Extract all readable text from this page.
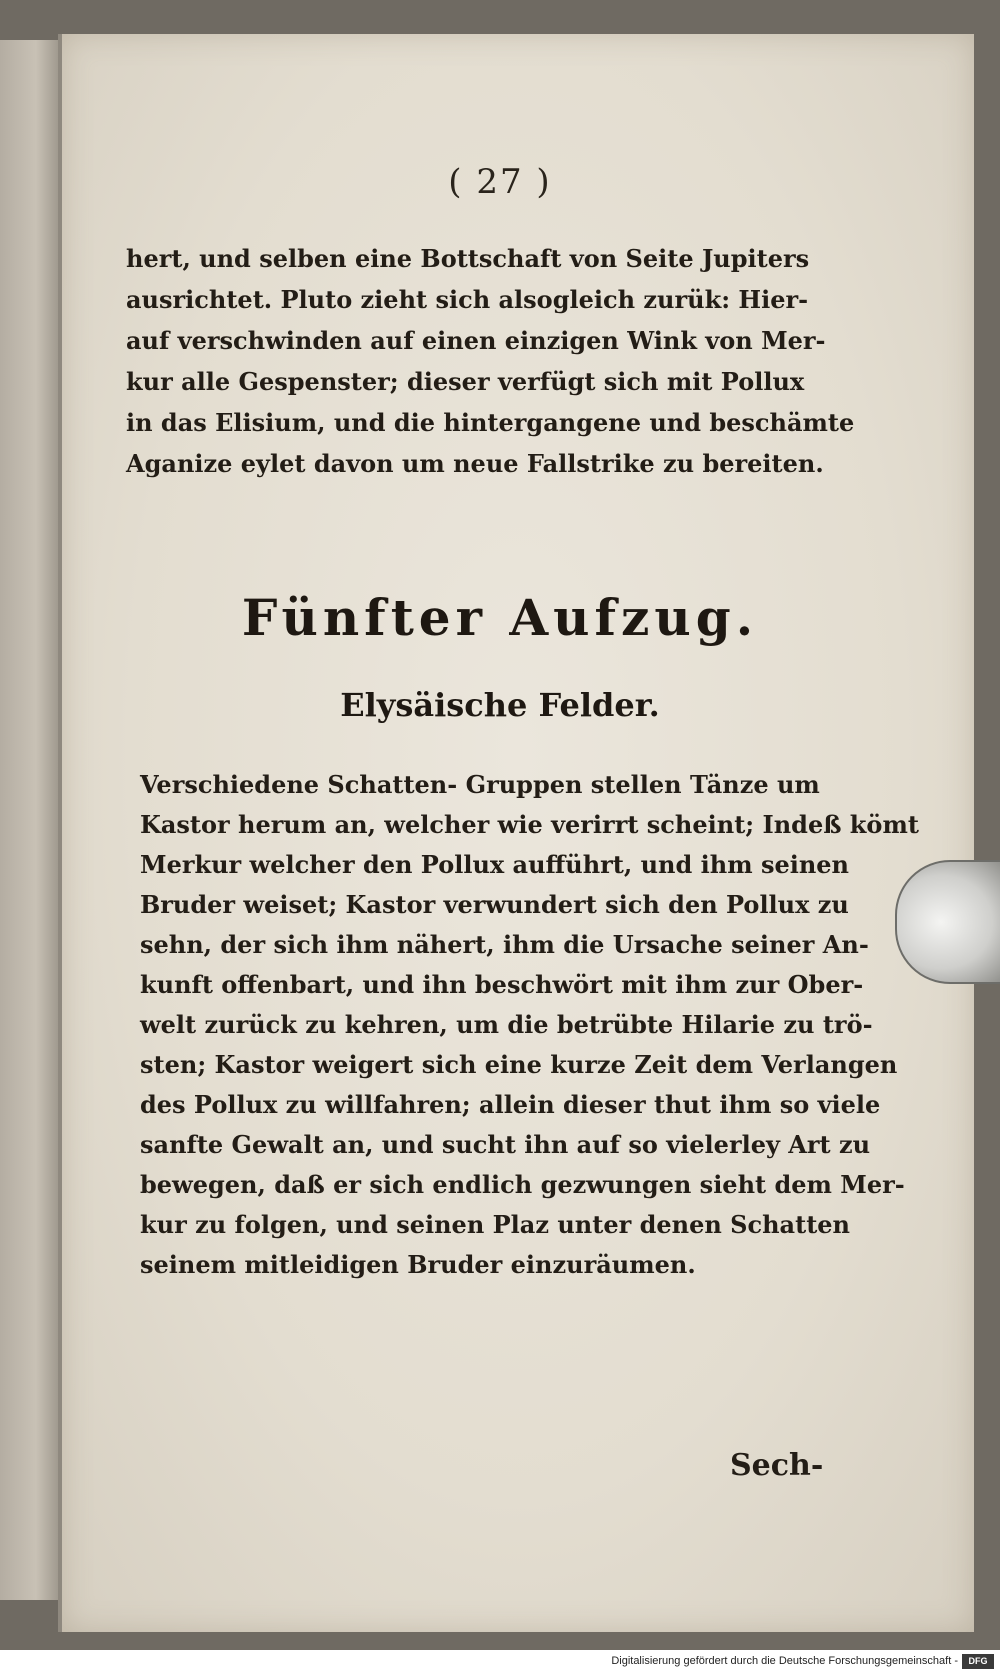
( 27 )
hert, und selben eine Bottschaft von Seite Jupiters
ausrichtet. Pluto zieht sich alsogleich zurük: Hier-
auf verschwinden auf einen einzigen Wink von Mer-
kur alle Gespenster; dieser verfügt sich mit Pollux
in das Elisium, und die hintergangene und beschämte
Aganize eylet davon um neue Fallstrike zu bereiten.
Fünfter Aufzug.
Elysäische Felder.
Verschiedene Schatten- Gruppen stellen Tänze um
Kastor herum an, welcher wie verirrt scheint; Indeß kömt
Merkur welcher den Pollux aufführt, und ihm seinen
Bruder weiset; Kastor verwundert sich den Pollux zu
sehn, der sich ihm nähert, ihm die Ursache seiner An-
kunft offenbart, und ihn beschwört mit ihm zur Ober-
welt zurück zu kehren, um die betrübte Hilarie zu trö-
sten; Kastor weigert sich eine kurze Zeit dem Verlangen
des Pollux zu willfahren; allein dieser thut ihm so viele
sanfte Gewalt an, und sucht ihn auf so vielerley Art zu
bewegen, daß er sich endlich gezwungen sieht dem Mer-
kur zu folgen, und seinen Plaz unter denen Schatten
seinem mitleidigen Bruder einzuräumen.
Sech-
Digitalisierung gefördert durch die Deutsche Forschungsgemeinschaft -	DFG
